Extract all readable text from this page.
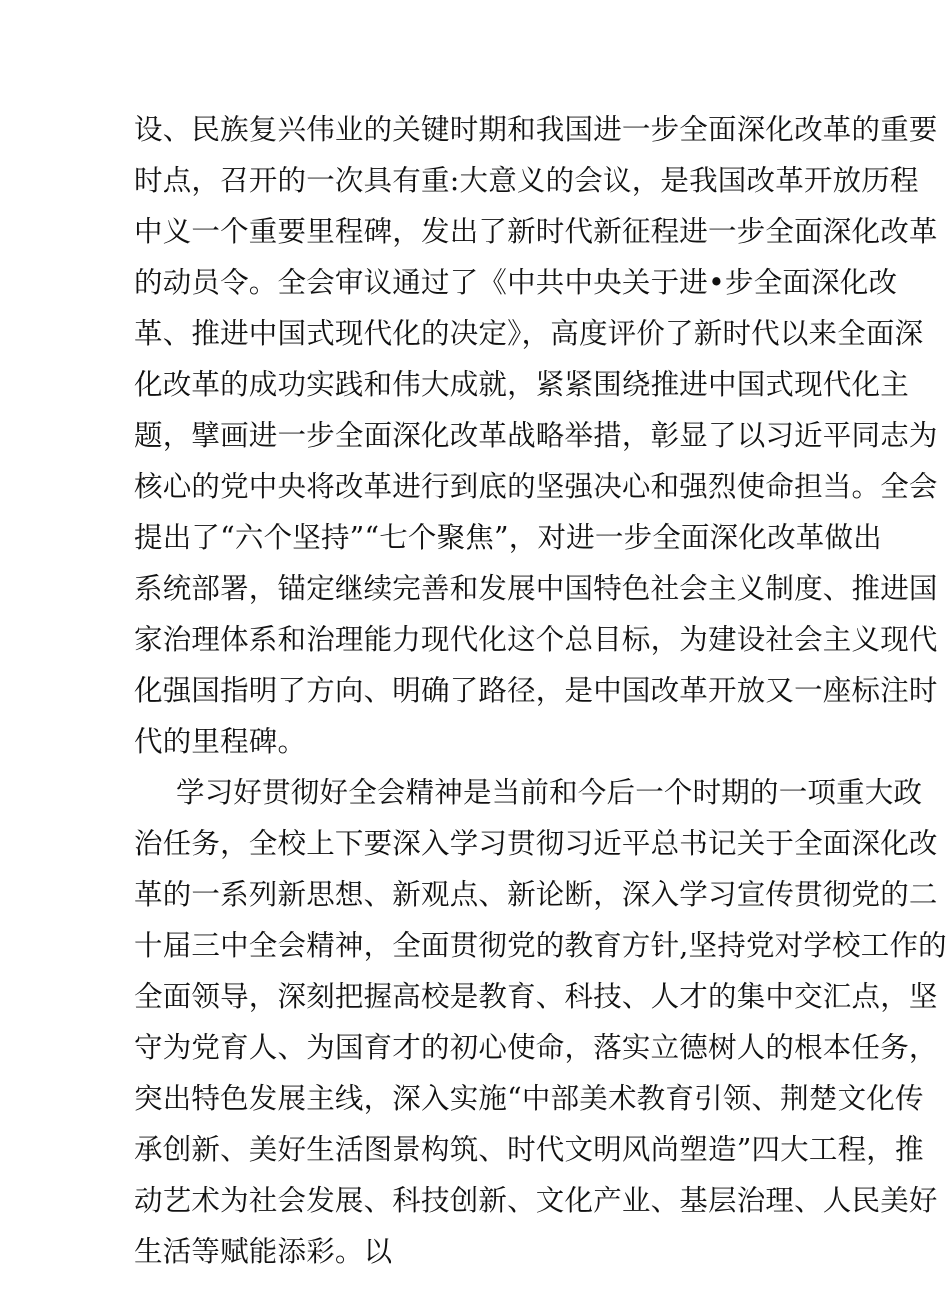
设、民族复兴伟业的关键时期和我国进一步全面深化改革的重要
时点，召开的一次具有重:大意义的会议，是我国改革开放历程
中义一个重要里程碑，发出了新时代新征程进一步全面深化改革
的动员令。全会审议通过了《中共中央关于进•步全面深化改
革、推进中国式现代化的决定》，高度评价了新时代以来全面深
化改革的成功实践和伟大成就，紧紧围绕推进中国式现代化主
题，擘画进一步全面深化改革战略举措，彰显了以习近平同志为
核心的党中央将改革进行到底的坚强决心和强烈使命担当。全会
提出了“六个坚持”“七个聚焦”，对进一步全面深化改革做出
系统部署，锚定继续完善和发展中国特色社会主义制度、推进国
家治理体系和治理能力现代化这个总目标，为建设社会主义现代
化强国指明了方向、明确了路径，是中国改革开放又一座标注时
代的里程碑。
学习好贯彻好全会精神是当前和今后一个时期的一项重大政
治任务，全校上下要深入学习贯彻习近平总书记关于全面深化改
革的一系列新思想、新观点、新论断，深入学习宣传贯彻党的二
十届三中全会精神，全面贯彻党的教育方针,坚持党对学校工作的
全面领导，深刻把握高校是教育、科技、人才的集中交汇点，坚
守为党育人、为国育才的初心使命，落实立德树人的根本任务，
突出特色发展主线，深入实施“中部美术教育引领、荆楚文化传
承创新、美好生活图景构筑、时代文明风尚塑造”四大工程，推
动艺术为社会发展、科技创新、文化产业、基层治理、人民美好
生活等赋能添彩。以
